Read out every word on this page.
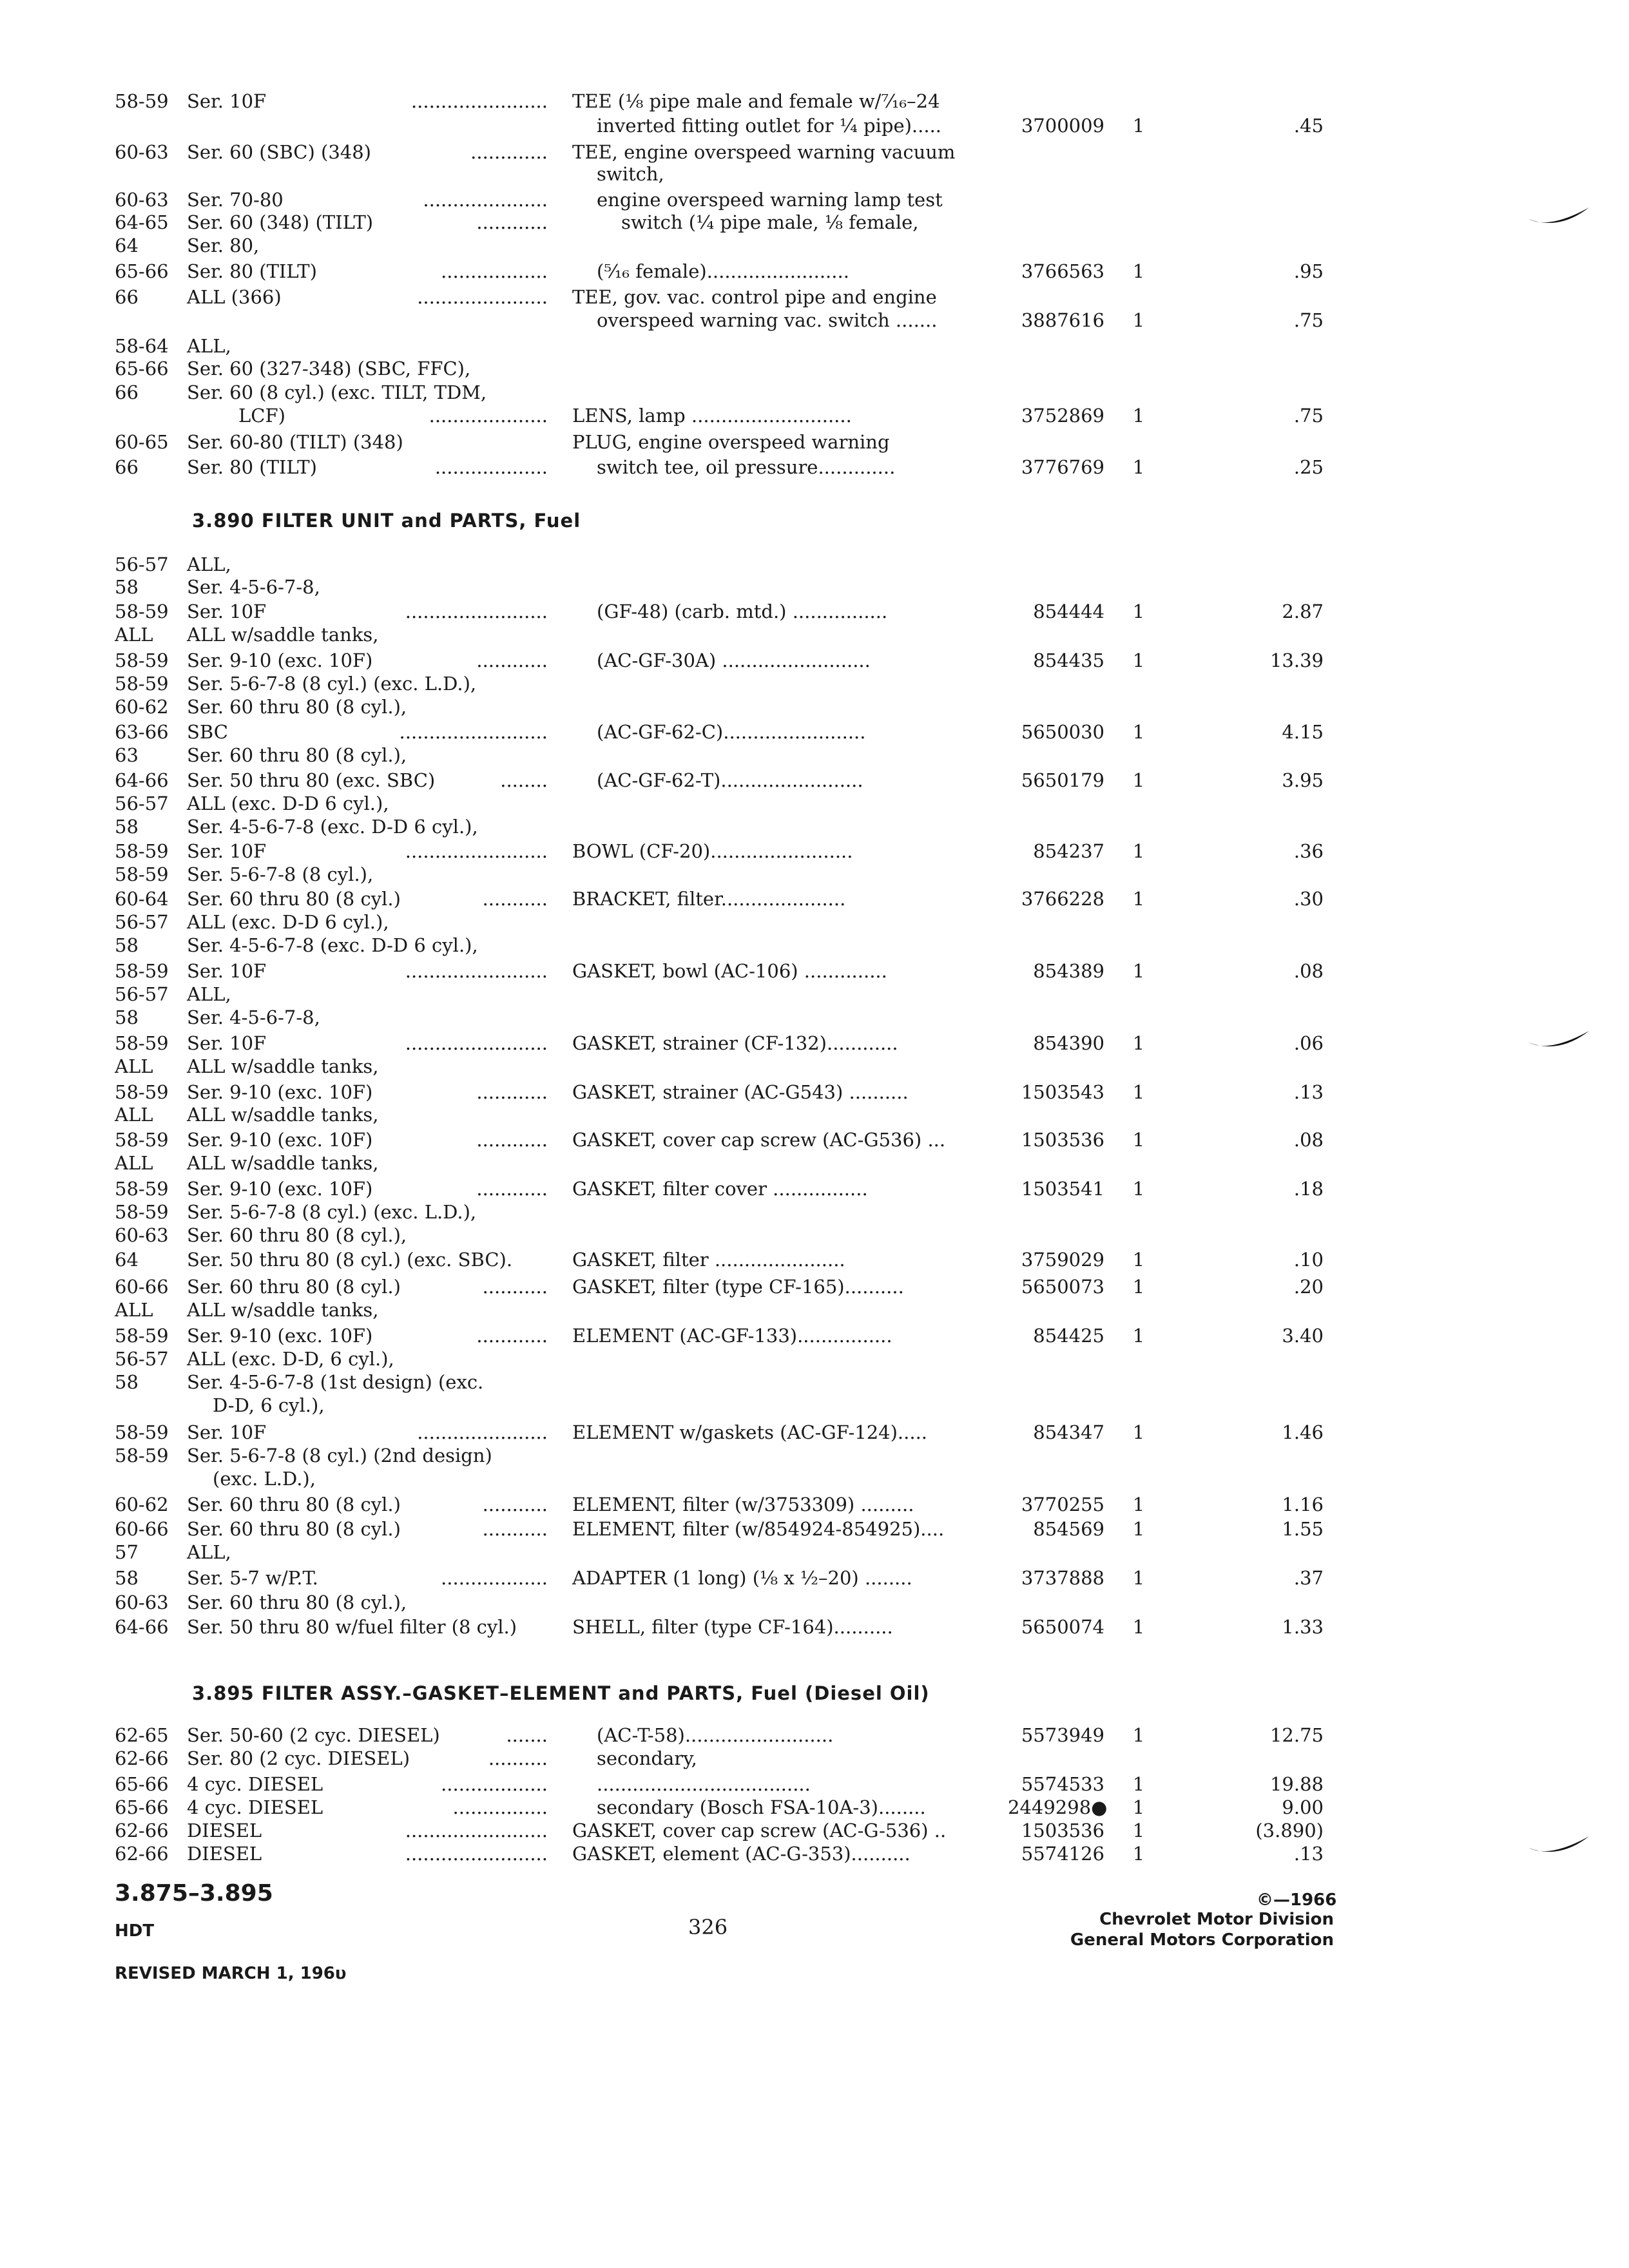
58-59 Ser. 10F	....................... TEE (⅛ pipe male and female w/⁷⁄₁₆–24
inverted fitting outlet for ¼ pipe).....	3700009 1	.45
60-63 Ser. 60 (SBC) (348)	............. TEE, engine overspeed warning vacuum
switch,
60-63 Ser. 70-80	.....................	engine overspeed warning lamp test
64-65 Ser. 60 (348) (TILT)	............	switch (¼ pipe male, ⅛ female,
64	Ser. 80,
65-66 Ser. 80 (TILT)	..................	(⁵⁄₁₆ female)........................	3766563 1	.95
66	ALL (366)	...................... TEE, gov. vac. control pipe and engine
overspeed warning vac. switch .......	3887616 1	.75
58-64 ALL,
65-66 Ser. 60 (327-348) (SBC, FFC),
66	Ser. 60 (8 cyl.) (exc. TILT, TDM,
LCF)	.................... LENS, lamp ...........................	3752869 1	.75
60-65 Ser. 60-80 (TILT) (348)	PLUG, engine overspeed warning
66	Ser. 80 (TILT)	...................	switch tee, oil pressure.............	3776769 1	.25
56-57 ALL,
58	Ser. 4-5-6-7-8,
58-59 Ser. 10F	........................	(GF-48) (carb. mtd.) ................	854444 1	2.87
ALL ALL w/saddle tanks,
58-59 Ser. 9-10 (exc. 10F)	............	(AC-GF-30A) .........................	854435 1	13.39
58-59 Ser. 5-6-7-8 (8 cyl.) (exc. L.D.),
60-62 Ser. 60 thru 80 (8 cyl.),
63-66 SBC	.........................	(AC-GF-62-C)........................	5650030 1	4.15
63	Ser. 60 thru 80 (8 cyl.),
64-66 Ser. 50 thru 80 (exc. SBC)	........	(AC-GF-62-T)........................	5650179 1	3.95
56-57 ALL (exc. D-D 6 cyl.),
58	Ser. 4-5-6-7-8 (exc. D-D 6 cyl.),
58-59 Ser. 10F	........................ BOWL (CF-20)........................	854237 1	.36
58-59 Ser. 5-6-7-8 (8 cyl.),
60-64 Ser. 60 thru 80 (8 cyl.)	........... BRACKET, filter.....................	3766228 1	.30
56-57 ALL (exc. D-D 6 cyl.),
58	Ser. 4-5-6-7-8 (exc. D-D 6 cyl.),
58-59 Ser. 10F	........................ GASKET, bowl (AC-106) ..............	854389 1	.08
56-57 ALL,
58	Ser. 4-5-6-7-8,
58-59 Ser. 10F	........................ GASKET, strainer (CF-132)............	854390 1	.06
ALL ALL w/saddle tanks,
58-59 Ser. 9-10 (exc. 10F)	............ GASKET, strainer (AC-G543) ..........	1503543 1	.13
ALL ALL w/saddle tanks,
58-59 Ser. 9-10 (exc. 10F)	............ GASKET, cover cap screw (AC-G536) ...	1503536 1	.08
ALL ALL w/saddle tanks,
58-59 Ser. 9-10 (exc. 10F)	............ GASKET, filter cover ................	1503541 1	.18
58-59 Ser. 5-6-7-8 (8 cyl.) (exc. L.D.),
60-63 Ser. 60 thru 80 (8 cyl.),
64	Ser. 50 thru 80 (8 cyl.) (exc. SBC).	GASKET, filter ......................	3759029 1	.10
60-66 Ser. 60 thru 80 (8 cyl.)	........... GASKET, filter (type CF-165)..........	5650073 1	.20
ALL ALL w/saddle tanks,
58-59 Ser. 9-10 (exc. 10F)	............ ELEMENT (AC-GF-133)................	854425 1	3.40
56-57 ALL (exc. D-D, 6 cyl.),
58	Ser. 4-5-6-7-8 (1st design) (exc.
D-D, 6 cyl.),
58-59 Ser. 10F	...................... ELEMENT w/gaskets (AC-GF-124).....	854347 1	1.46
58-59 Ser. 5-6-7-8 (8 cyl.) (2nd design)
(exc. L.D.),
60-62 Ser. 60 thru 80 (8 cyl.)	........... ELEMENT, filter (w/3753309) .........	3770255 1	1.16
60-66 Ser. 60 thru 80 (8 cyl.)	........... ELEMENT, filter (w/854924-854925)....	854569 1	1.55
57	ALL,
58	Ser. 5-7 w/P.T.	.................. ADAPTER (1 long) (⅛ x ½–20) ........	3737888 1	.37
60-63 Ser. 60 thru 80 (8 cyl.),
64-66 Ser. 50 thru 80 w/fuel filter (8 cyl.)	SHELL, filter (type CF-164)..........	5650074 1	1.33
62-65 Ser. 50-60 (2 cyc. DIESEL)	.......	(AC-T-58).........................	5573949 1	12.75
62-66 Ser. 80 (2 cyc. DIESEL)	..........	secondary,
65-66 4 cyc. DIESEL	..................	....................................	5574533 1	19.88
65-66 4 cyc. DIESEL	................	secondary (Bosch FSA-10A-3)........	2449298● 1	9.00
62-66 DIESEL	........................ GASKET, cover cap screw (AC-G-536) ..	1503536 1	(3.890)
62-66 DIESEL	........................ GASKET, element (AC-G-353)..........	5574126 1	.13
3.890 FILTER UNIT and PARTS, Fuel
3.895 FILTER ASSY.–GASKET–ELEMENT and PARTS, Fuel (Diesel Oil)
3.875–3.895
HDT
REVISED MARCH 1, 196υ
326
©—1966
Chevrolet Motor Division
General Motors Corporation
